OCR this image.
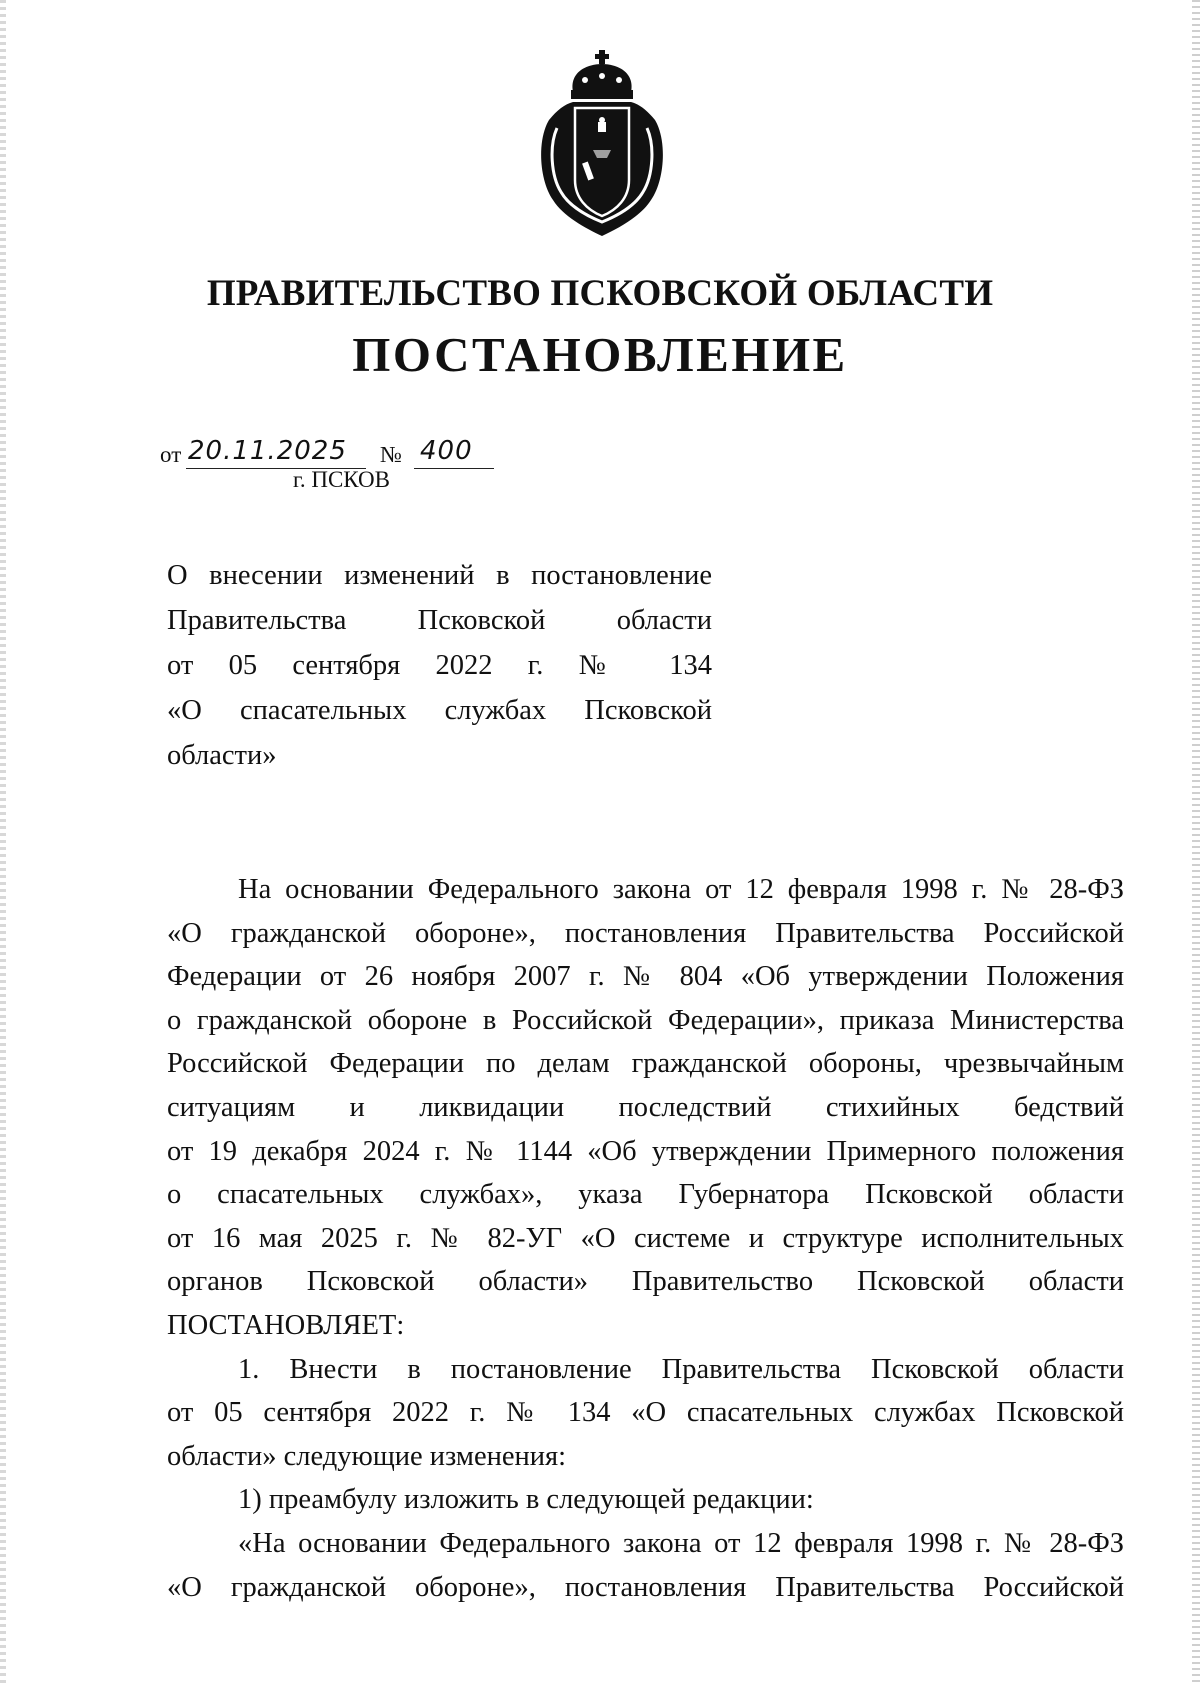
ПРАВИТЕЛЬСТВО ПСКОВСКОЙ ОБЛАСТИ
ПОСТАНОВЛЕНИЕ
от 20.11.2025 № 400
г. ПСКОВ
О внесении изменений в постановление
Правительства Псковской области
от 05 сентября 2022 г. № 134
«О спасательных службах Псковской
области»
На основании Федерального закона от 12 февраля 1998 г. № 28-ФЗ
«О гражданской обороне», постановления Правительства Российской
Федерации от 26 ноября 2007 г. № 804 «Об утверждении Положения
о гражданской обороне в Российской Федерации», приказа Министерства
Российской Федерации по делам гражданской обороны, чрезвычайным
ситуациям и ликвидации последствий стихийных бедствий
от 19 декабря 2024 г. № 1144 «Об утверждении Примерного положения
о спасательных службах», указа Губернатора Псковской области
от 16 мая 2025 г. № 82-УГ «О системе и структуре исполнительных
органов Псковской области» Правительство Псковской области
ПОСТАНОВЛЯЕТ:
1. Внести в постановление Правительства Псковской области
от 05 сентября 2022 г. № 134 «О спасательных службах Псковской
области» следующие изменения:
1) преамбулу изложить в следующей редакции:
«На основании Федерального закона от 12 февраля 1998 г. № 28-ФЗ
«О гражданской обороне», постановления Правительства Российской
